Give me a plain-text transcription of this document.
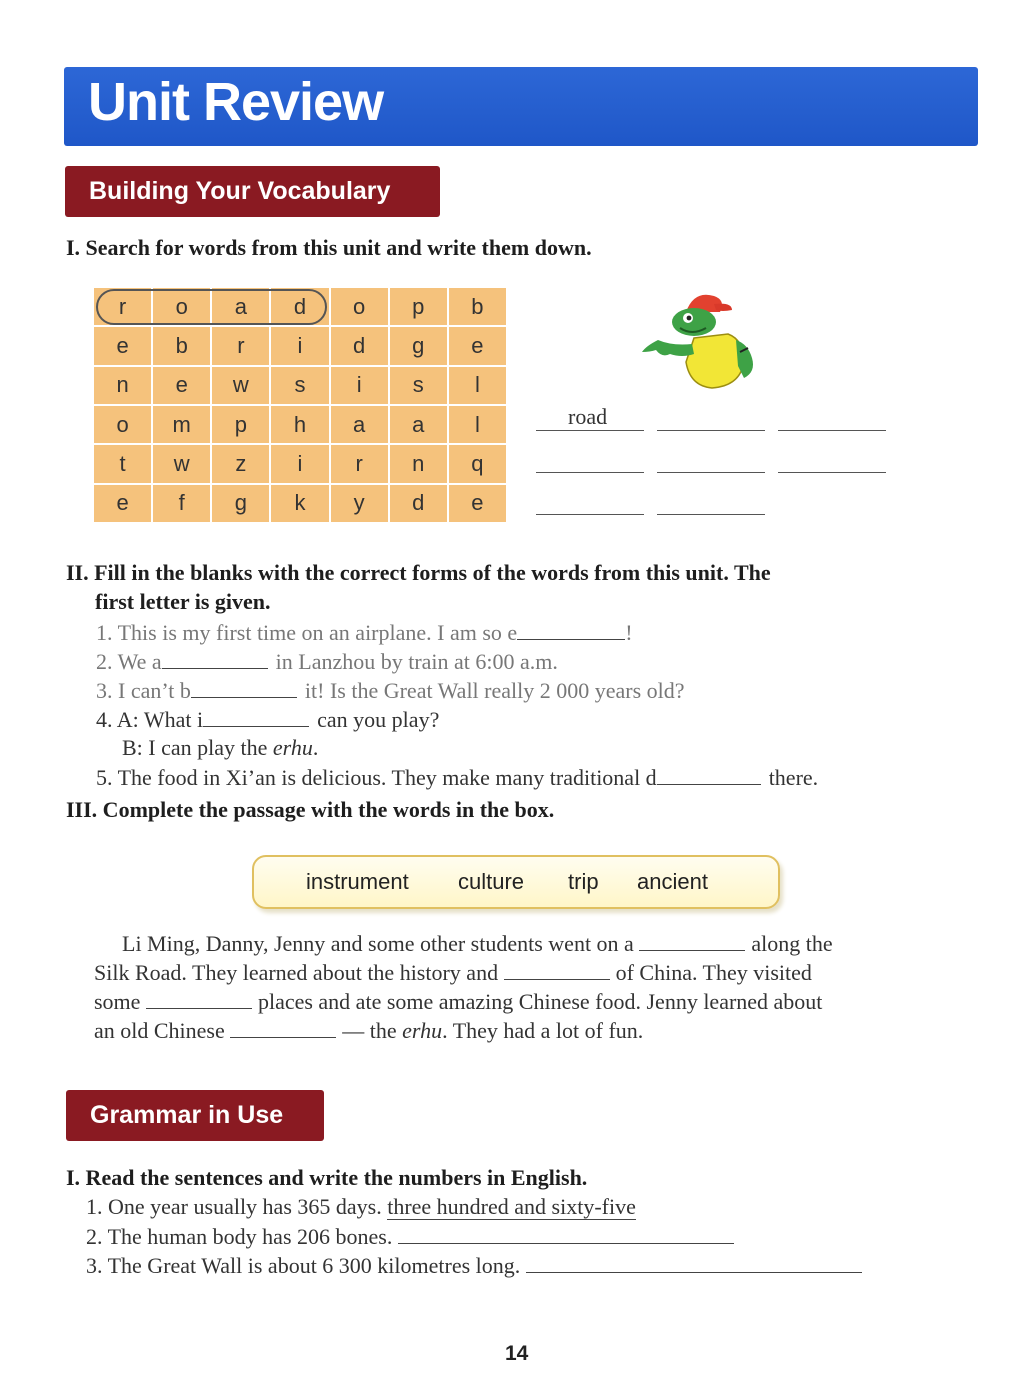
Unit Review
Building Your Vocabulary
I. Search for words from this unit and write them down.
r	o	a	d	o	p	b
e	b	r	i	d	g	e
n	e	w	s	i	s	l
o	m	p	h	a	a	l
t	w	z	i	r	n	q
e	f	g	k	y	d	e
road
II. Fill in the blanks with the correct forms of the words from this unit. The
first letter is given.
1. This is my first time on an airplane. I am so e	!
2. We a	in Lanzhou by train at 6:00 a.m.
3. I can’t b	it! Is the Great Wall really 2 000 years old?
4. A: What i	can you play?
B: I can play the erhu.
5. The food in Xi’an is delicious. They make many traditional d	there.
III. Complete the passage with the words in the box.
instrument culture trip ancient
Li Ming, Danny, Jenny and some other students went on a	along the
Silk Road. They learned about the history and	of China. They visited
some	places and ate some amazing Chinese food. Jenny learned about
an old Chinese	— the erhu. They had a lot of fun.
Grammar in Use
I. Read the sentences and write the numbers in English.
1. One year usually has 365 days. three hundred and sixty-five
2. The human body has 206 bones.
3. The Great Wall is about 6 300 kilometres long.
14
